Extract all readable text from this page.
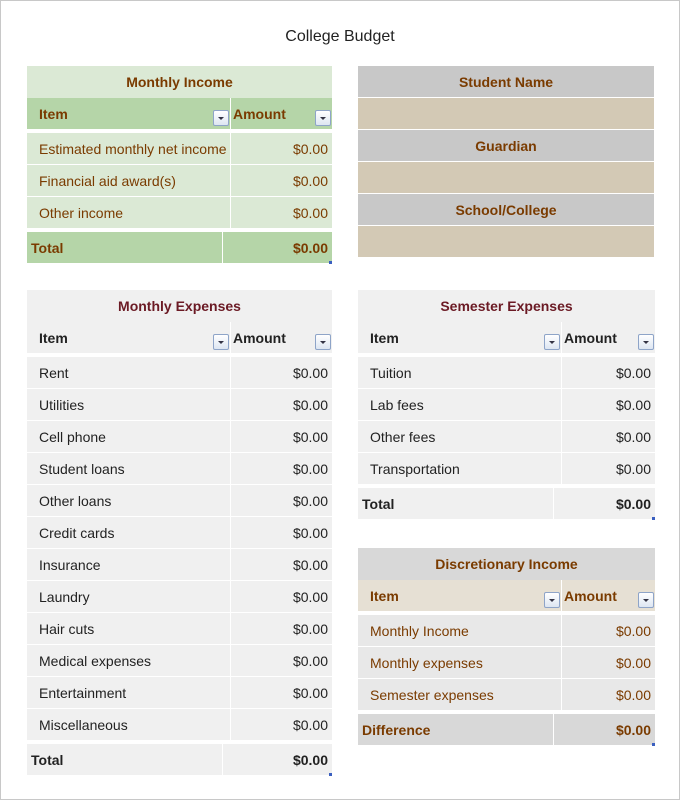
College Budget
Student Name
Guardian
School/College
Monthly Income
Item	Amount
Estimated monthly net income	$0.00
Financial aid award(s)	$0.00
Other income	$0.00
Total	$0.00
Monthly Expenses
Item	Amount
Rent	$0.00
Utilities	$0.00
Cell phone	$0.00
Student loans	$0.00
Other loans	$0.00
Credit cards	$0.00
Insurance	$0.00
Laundry	$0.00
Hair cuts	$0.00
Medical expenses	$0.00
Entertainment	$0.00
Miscellaneous	$0.00
Total	$0.00
Semester Expenses
Item	Amount
Tuition	$0.00
Lab fees	$0.00
Other fees	$0.00
Transportation	$0.00
Total	$0.00
Discretionary Income
Item	Amount
Monthly Income	$0.00
Monthly expenses	$0.00
Semester expenses	$0.00
Difference	$0.00
